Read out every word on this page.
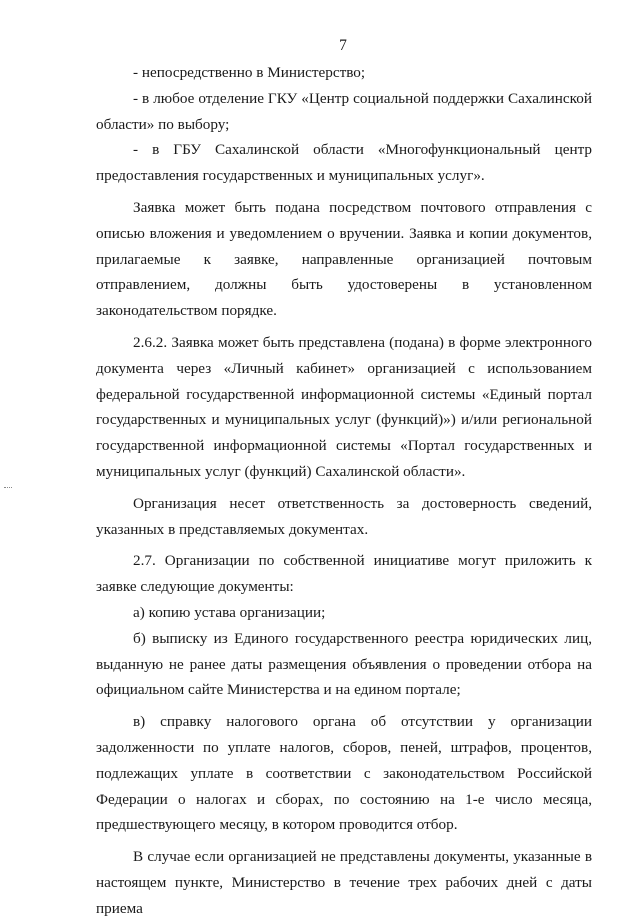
7

- непосредственно в Министерство;

- в любое отделение ГКУ «Центр социальной поддержки Сахалинской области» по выбору;

- в ГБУ Сахалинской области «Многофункциональный центр предоставления государственных и муниципальных услуг».

Заявка может быть подана посредством почтового отправления с описью вложения и уведомлением о вручении. Заявка и копии документов, прилагаемые к заявке, направленные организацией почтовым отправлением, должны быть удостоверены в установленном законодательством порядке.

2.6.2. Заявка может быть представлена (подана) в форме электронного документа через «Личный кабинет» организацией с использованием федеральной государственной информационной системы «Единый портал государственных и муниципальных услуг (функций)») и/или региональной государственной информационной системы «Портал государственных и муниципальных услуг (функций) Сахалинской области».

Организация несет ответственность за достоверность сведений, указанных в представляемых документах.

2.7. Организации по собственной инициативе могут приложить к заявке следующие документы:

а) копию устава организации;

б) выписку из Единого государственного реестра юридических лиц, выданную не ранее даты размещения объявления о проведении отбора на официальном сайте Министерства и на едином портале;

в) справку налогового органа об отсутствии у организации задолженности по уплате налогов, сборов, пеней, штрафов, процентов, подлежащих уплате в соответствии с законодательством Российской Федерации о налогах и сборах, по состоянию на 1-е число месяца, предшествующего месяцу, в котором проводится отбор.

В случае если организацией не представлены документы, указанные в настоящем пункте, Министерство в течение трех рабочих дней с даты приема
